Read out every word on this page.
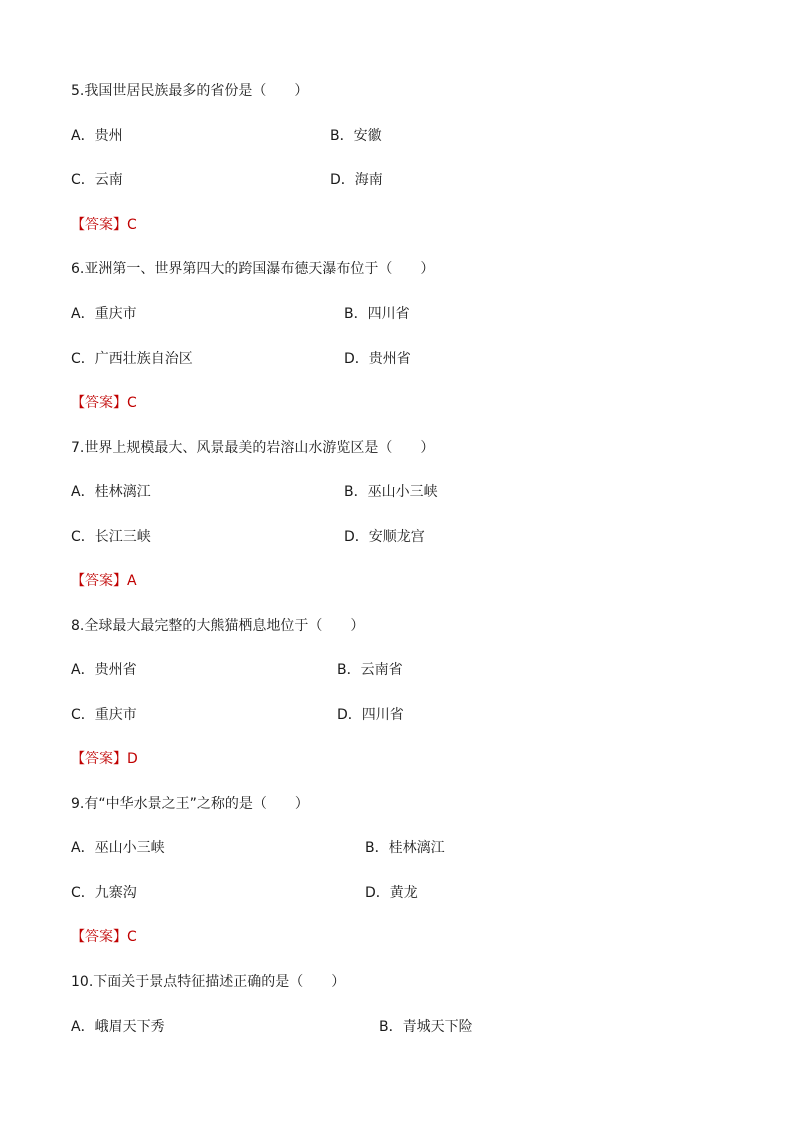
5.我国世居民族最多的省份是（　　）
A．贵州	B．安徽
C．云南	D．海南
【答案】C
6.亚洲第一、世界第四大的跨国瀑布德天瀑布位于（　　）
A．重庆市	B．四川省
C．广西壮族自治区	D．贵州省
【答案】C
7.世界上规模最大、风景最美的岩溶山水游览区是（　　）
A．桂林漓江	B．巫山小三峡
C．长江三峡	D．安顺龙宫
【答案】A
8.全球最大最完整的大熊猫栖息地位于（　　）
A．贵州省	B．云南省
C．重庆市	D．四川省
【答案】D
9.有“中华水景之王”之称的是（　　）
A．巫山小三峡	B．桂林漓江
C．九寨沟	D．黄龙
【答案】C
10.下面关于景点特征描述正确的是（　　）
A．峨眉天下秀	B．青城天下险
